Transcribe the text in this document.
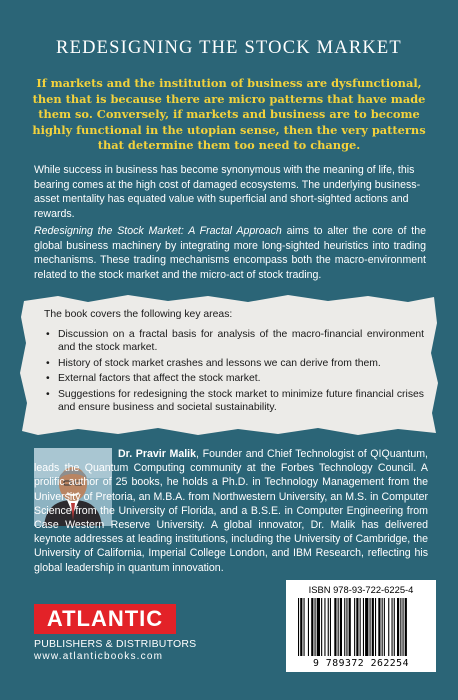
REDESIGNING THE STOCK MARKET
If markets and the institution of business are dysfunctional, then that is because there are micro patterns that have made them so. Conversely, if markets and business are to become highly functional in the utopian sense, then the very patterns that determine them too need to change.
While success in business has become synonymous with the meaning of life, this bearing comes at the high cost of damaged ecosystems. The underlying business-asset mentality has equated value with superficial and short-sighted actions and rewards.
Redesigning the Stock Market: A Fractal Approach aims to alter the core of the global business machinery by integrating more long-sighted heuristics into trading mechanisms. These trading mechanisms encompass both the macro-environment related to the stock market and the micro-act of stock trading.
The book covers the following key areas:
• Discussion on a fractal basis for analysis of the macro-financial environment and the stock market.
• History of stock market crashes and lessons we can derive from them.
• External factors that affect the stock market.
• Suggestions for redesigning the stock market to minimize future financial crises and ensure business and societal sustainability.
Dr. Pravir Malik, Founder and Chief Technologist of QIQuantum, leads the Quantum Computing community at the Forbes Technology Council. A prolific author of 25 books, he holds a Ph.D. in Technology Management from the University of Pretoria, an M.B.A. from Northwestern University, an M.S. in Computer Science from the University of Florida, and a B.S.E. in Computer Engineering from Case Western Reserve University. A global innovator, Dr. Malik has delivered keynote addresses at leading institutions, including the University of Cambridge, the University of California, Imperial College London, and IBM Research, reflecting his global leadership in quantum innovation.
ATLANTIC
PUBLISHERS & DISTRIBUTORS
www.atlanticbooks.com
ISBN 978-93-722-6225-4
9 789372 262254
